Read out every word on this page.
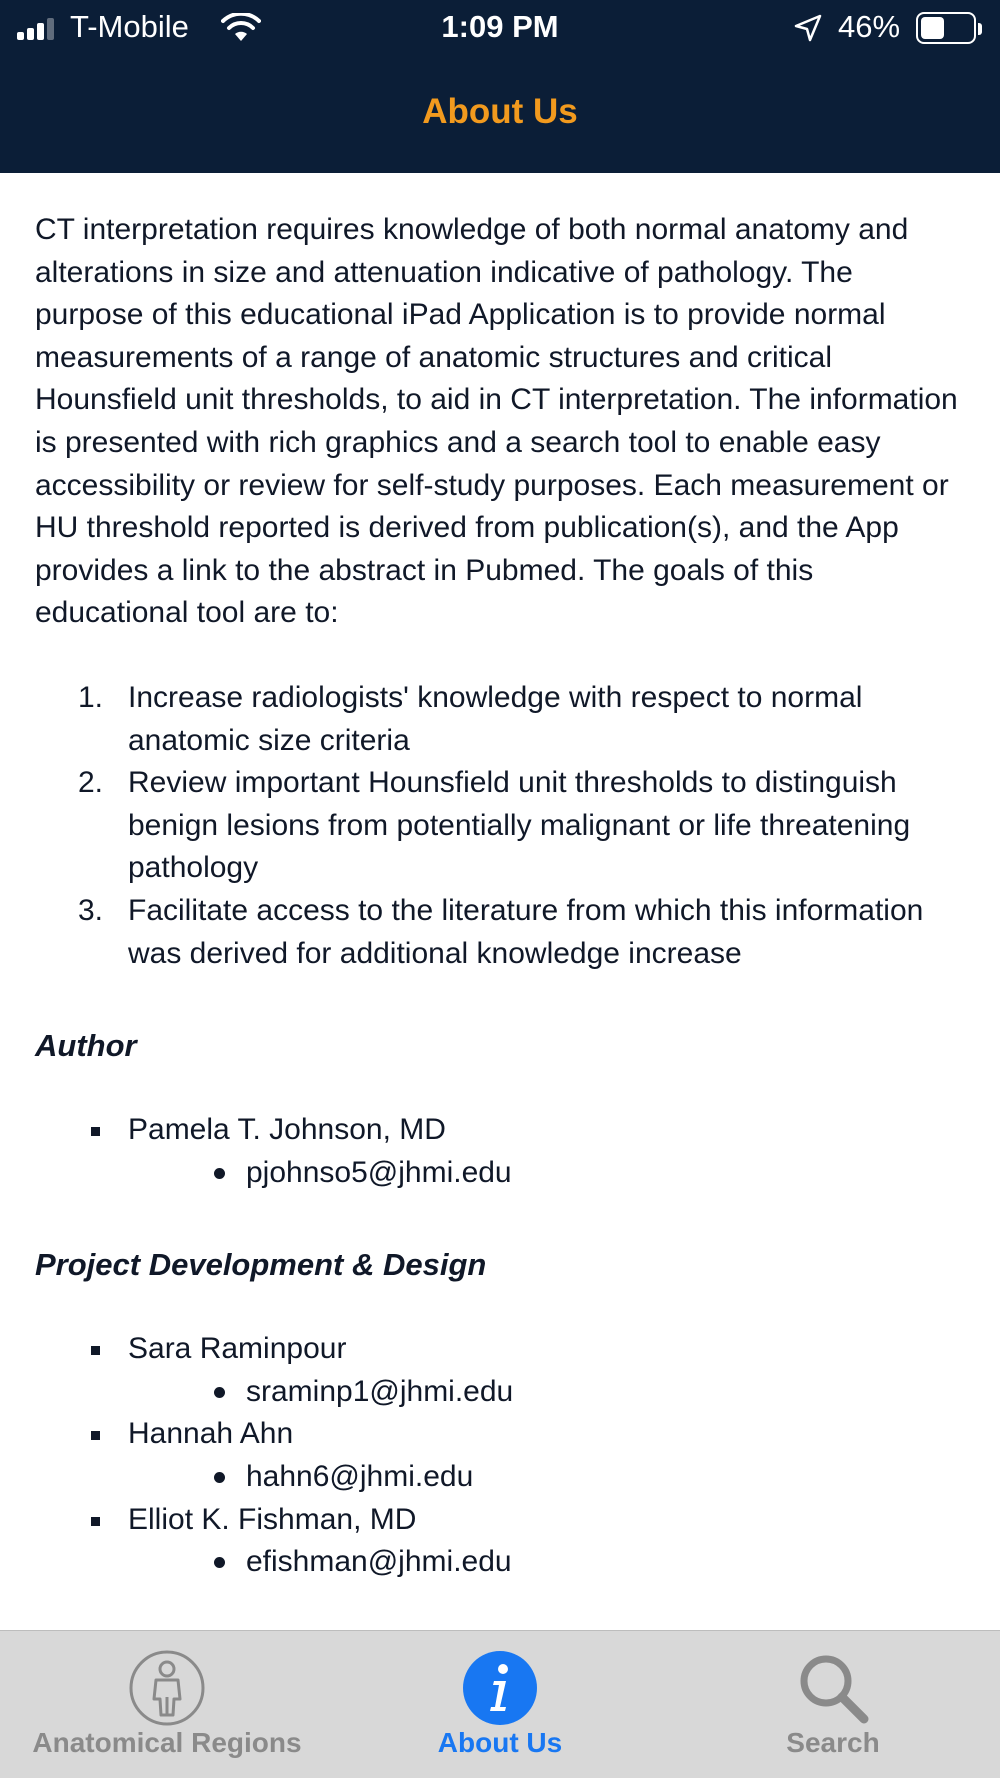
T-Mobile	1:09 PM	46%
About Us

CT interpretation requires knowledge of both normal anatomy and alterations in size and attenuation indicative of pathology. The purpose of this educational iPad Application is to provide normal measurements of a range of anatomic structures and critical Hounsfield unit thresholds, to aid in CT interpretation. The information is presented with rich graphics and a search tool to enable easy accessibility or review for self-study purposes. Each measurement or HU threshold reported is derived from publication(s), and the App provides a link to the abstract in Pubmed. The goals of this educational tool are to:

1. Increase radiologists' knowledge with respect to normal anatomic size criteria
2. Review important Hounsfield unit thresholds to distinguish benign lesions from potentially malignant or life threatening pathology
3. Facilitate access to the literature from which this information was derived for additional knowledge increase
Author
Pamela T. Johnson, MD
pjohnso5@jhmi.edu
Project Development & Design
Sara Raminpour
sraminp1@jhmi.edu
Hannah Ahn
hahn6@jhmi.edu
Elliot K. Fishman, MD
efishman@jhmi.edu
Anatomical Regions	About Us	Search
